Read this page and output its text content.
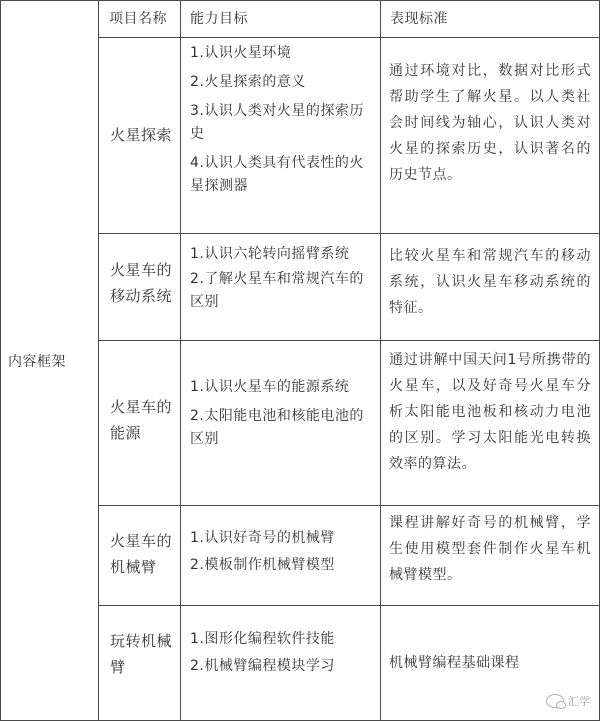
内容框架
项目名称 能力目标	表现标准
火星探索

1.认识火星环境

2.火星探索的意义

3.认识人类对火星的探索历史

4.认识人类具有代表性的火星探测器

通过环境对比，数据对比形式帮助学生了解火星。以人类社会时间线为轴心，认识人类对火星的探索历史，认识著名的历史节点。
火星车的移动系统

1.认识六轮转向摇臂系统

2.了解火星车和常规汽车的区别

比较火星车和常规汽车的移动系统，认识火星车移动系统的特征。
火星车的能源

1.认识火星车的能源系统

2.太阳能电池和核能电池的区别

通过讲解中国天问1号所携带的火星车，以及好奇号火星车分析太阳能电池板和核动力电池的区别。学习太阳能光电转换效率的算法。
火星车的机械臂

1.认识好奇号的机械臂

2.模板制作机械臂模型

课程讲解好奇号的机械臂，学生使用模型套件制作火星车机械臂模型。
玩转机械臂

1.图形化编程软件技能

2.机械臂编程模块学习	机械臂编程基础课程
汇学
